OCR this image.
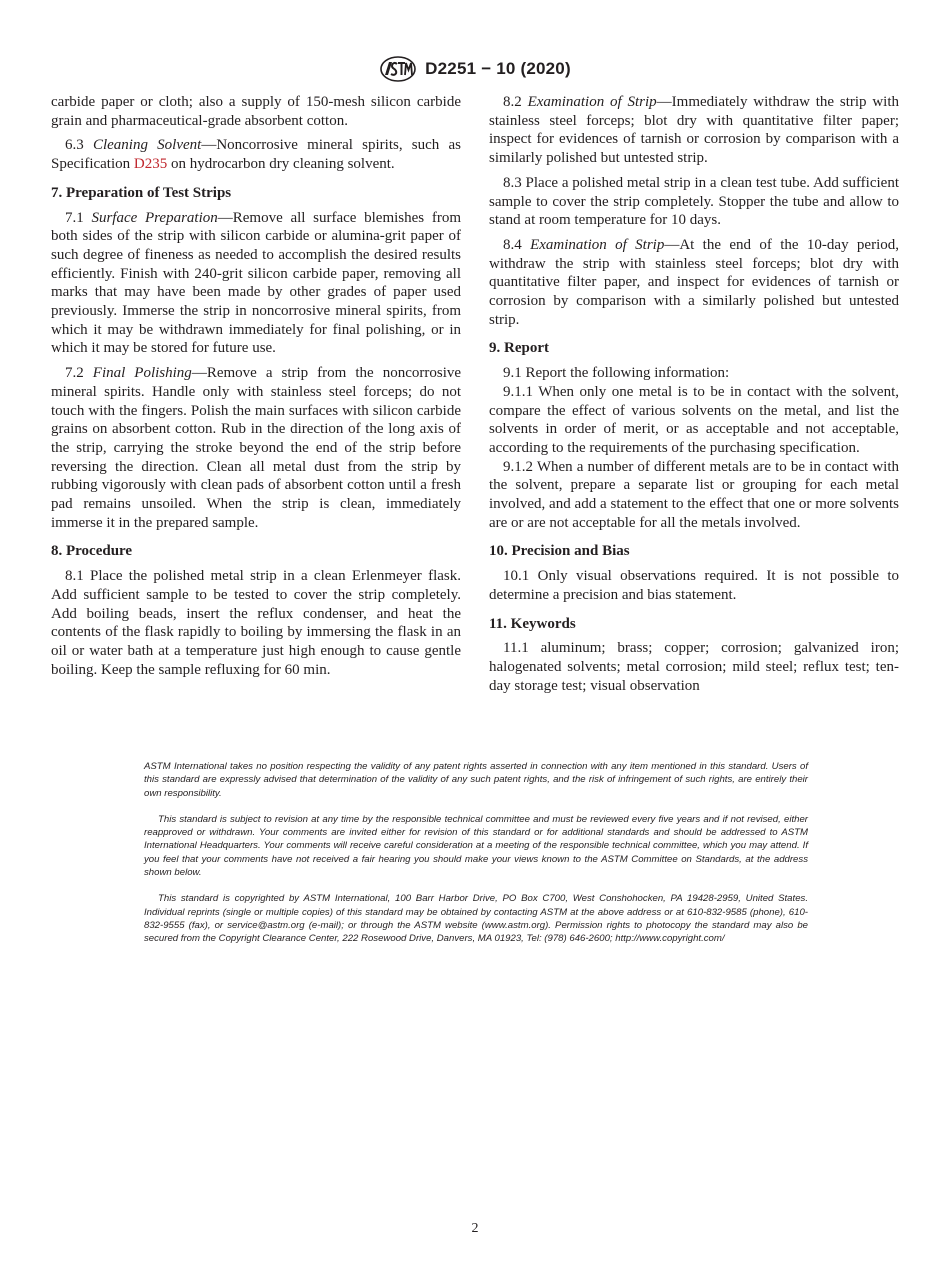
D2251 − 10 (2020)

carbide paper or cloth; also a supply of 150-mesh silicon carbide grain and pharmaceutical-grade absorbent cotton.

6.3 Cleaning Solvent—Noncorrosive mineral spirits, such as Specification D235 on hydrocarbon dry cleaning solvent.

7. Preparation of Test Strips

7.1 Surface Preparation—Remove all surface blemishes from both sides of the strip with silicon carbide or alumina-grit paper of such degree of fineness as needed to accomplish the desired results efficiently. Finish with 240-grit silicon carbide paper, removing all marks that may have been made by other grades of paper used previously. Immerse the strip in noncorrosive mineral spirits, from which it may be withdrawn immediately for final polishing, or in which it may be stored for future use.

7.2 Final Polishing—Remove a strip from the noncorrosive mineral spirits. Handle only with stainless steel forceps; do not touch with the fingers. Polish the main surfaces with silicon carbide grains on absorbent cotton. Rub in the direction of the long axis of the strip, carrying the stroke beyond the end of the strip before reversing the direction. Clean all metal dust from the strip by rubbing vigorously with clean pads of absorbent cotton until a fresh pad remains unsoiled. When the strip is clean, immediately immerse it in the prepared sample.

8. Procedure

8.1 Place the polished metal strip in a clean Erlenmeyer flask. Add sufficient sample to be tested to cover the strip completely. Add boiling beads, insert the reflux condenser, and heat the contents of the flask rapidly to boiling by immersing the flask in an oil or water bath at a temperature just high enough to cause gentle boiling. Keep the sample refluxing for 60 min.

8.2 Examination of Strip—Immediately withdraw the strip with stainless steel forceps; blot dry with quantitative filter paper; inspect for evidences of tarnish or corrosion by comparison with a similarly polished but untested strip.

8.3 Place a polished metal strip in a clean test tube. Add sufficient sample to cover the strip completely. Stopper the tube and allow to stand at room temperature for 10 days.

8.4 Examination of Strip—At the end of the 10-day period, withdraw the strip with stainless steel forceps; blot dry with quantitative filter paper, and inspect for evidences of tarnish or corrosion by comparison with a similarly polished but untested strip.

9. Report

9.1 Report the following information:

9.1.1 When only one metal is to be in contact with the solvent, compare the effect of various solvents on the metal, and list the solvents in order of merit, or as acceptable and not acceptable, according to the requirements of the purchasing specification.

9.1.2 When a number of different metals are to be in contact with the solvent, prepare a separate list or grouping for each metal involved, and add a statement to the effect that one or more solvents are or are not acceptable for all the metals involved.

10. Precision and Bias

10.1 Only visual observations required. It is not possible to determine a precision and bias statement.

11. Keywords

11.1 aluminum; brass; copper; corrosion; galvanized iron; halogenated solvents; metal corrosion; mild steel; reflux test; ten-day storage test; visual observation

ASTM International takes no position respecting the validity of any patent rights asserted in connection with any item mentioned in this standard. Users of this standard are expressly advised that determination of the validity of any such patent rights, and the risk of infringement of such rights, are entirely their own responsibility.

This standard is subject to revision at any time by the responsible technical committee and must be reviewed every five years and if not revised, either reapproved or withdrawn. Your comments are invited either for revision of this standard or for additional standards and should be addressed to ASTM International Headquarters. Your comments will receive careful consideration at a meeting of the responsible technical committee, which you may attend. If you feel that your comments have not received a fair hearing you should make your views known to the ASTM Committee on Standards, at the address shown below.

This standard is copyrighted by ASTM International, 100 Barr Harbor Drive, PO Box C700, West Conshohocken, PA 19428-2959, United States. Individual reprints (single or multiple copies) of this standard may be obtained by contacting ASTM at the above address or at 610-832-9585 (phone), 610-832-9555 (fax), or service@astm.org (e-mail); or through the ASTM website (www.astm.org). Permission rights to photocopy the standard may also be secured from the Copyright Clearance Center, 222 Rosewood Drive, Danvers, MA 01923, Tel: (978) 646-2600; http://www.copyright.com/

2
